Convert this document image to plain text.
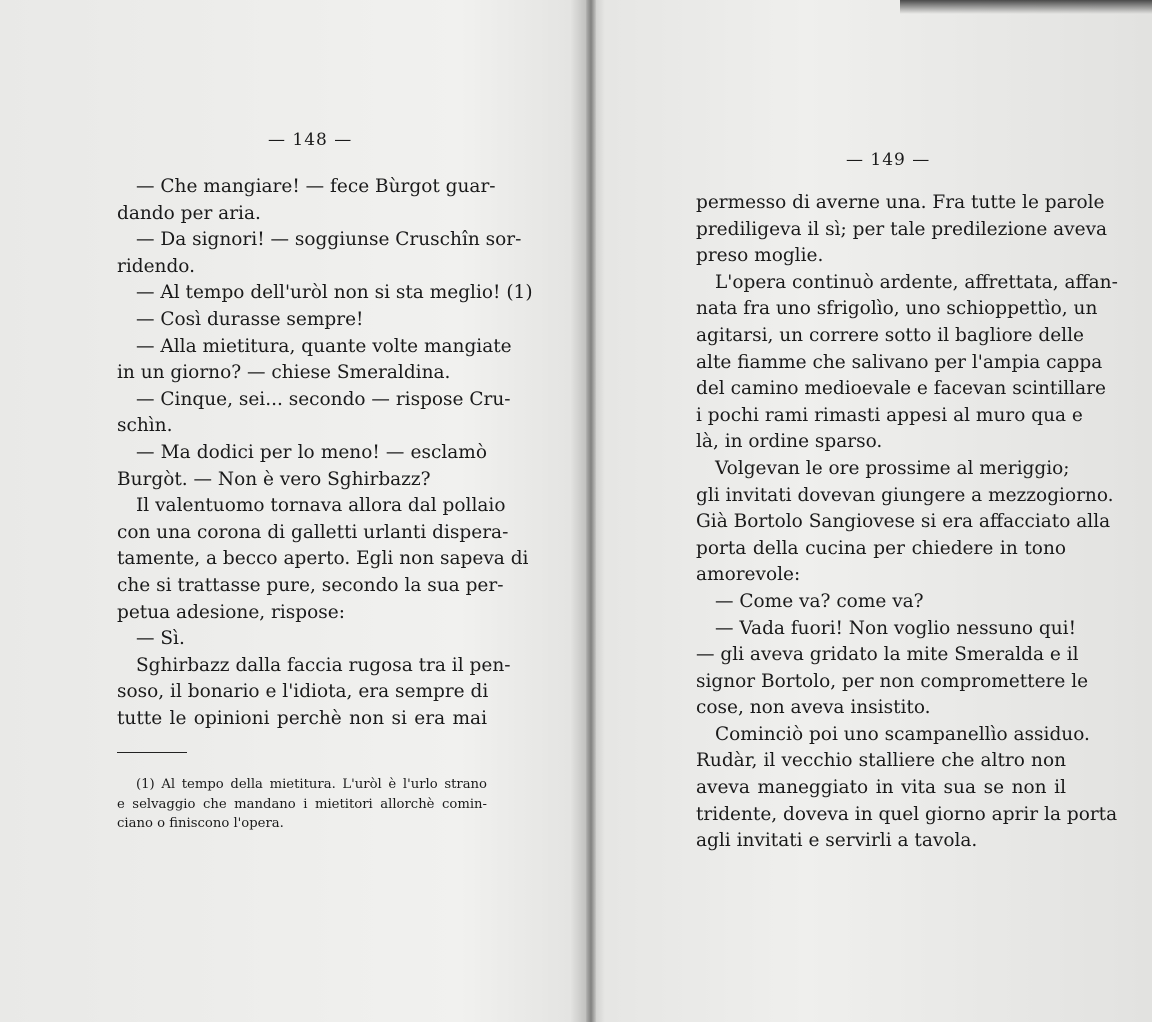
— 148 —
— Che mangiare! — fece Bùrgot guar-
dando per aria.
— Da signori! — soggiunse Cruschîn sor-
ridendo.
— Al tempo dell'uròl non si sta meglio! (1)
— Così durasse sempre!
— Alla mietitura, quante volte mangiate
in un giorno? — chiese Smeraldina.
— Cinque, sei... secondo — rispose Cru-
schìn.
— Ma dodici per lo meno! — esclamò
Burgòt. — Non è vero Sghirbazz?
Il valentuomo tornava allora dal pollaio
con una corona di galletti urlanti dispera-
tamente, a becco aperto. Egli non sapeva di
che si trattasse pure, secondo la sua per-
petua adesione, rispose:
— Sì.
Sghirbazz dalla faccia rugosa tra il pen-
soso, il bonario e l'idiota, era sempre di
tutte le opinioni perchè non si era mai
(1) Al tempo della mietitura. L'uròl è l'urlo strano
e selvaggio che mandano i mietitori allorchè comin-
ciano o finiscono l'opera.
— 149 —
permesso di averne una. Fra tutte le parole
prediligeva il sì; per tale predilezione aveva
preso moglie.
L'opera continuò ardente, affrettata, affan-
nata fra uno sfrigolìo, uno schioppettìo, un
agitarsi, un correre sotto il bagliore delle
alte fiamme che salivano per l'ampia cappa
del camino medioevale e facevan scintillare
i pochi rami rimasti appesi al muro qua e
là, in ordine sparso.
Volgevan le ore prossime al meriggio;
gli invitati dovevan giungere a mezzogiorno.
Già Bortolo Sangiovese si era affacciato alla
porta della cucina per chiedere in tono
amorevole:
— Come va? come va?
— Vada fuori! Non voglio nessuno qui!
— gli aveva gridato la mite Smeralda e il
signor Bortolo, per non compromettere le
cose, non aveva insistito.
Cominciò poi uno scampanellìo assiduo.
Rudàr, il vecchio stalliere che altro non
aveva maneggiato in vita sua se non il
tridente, doveva in quel giorno aprir la porta
agli invitati e servirli a tavola.
